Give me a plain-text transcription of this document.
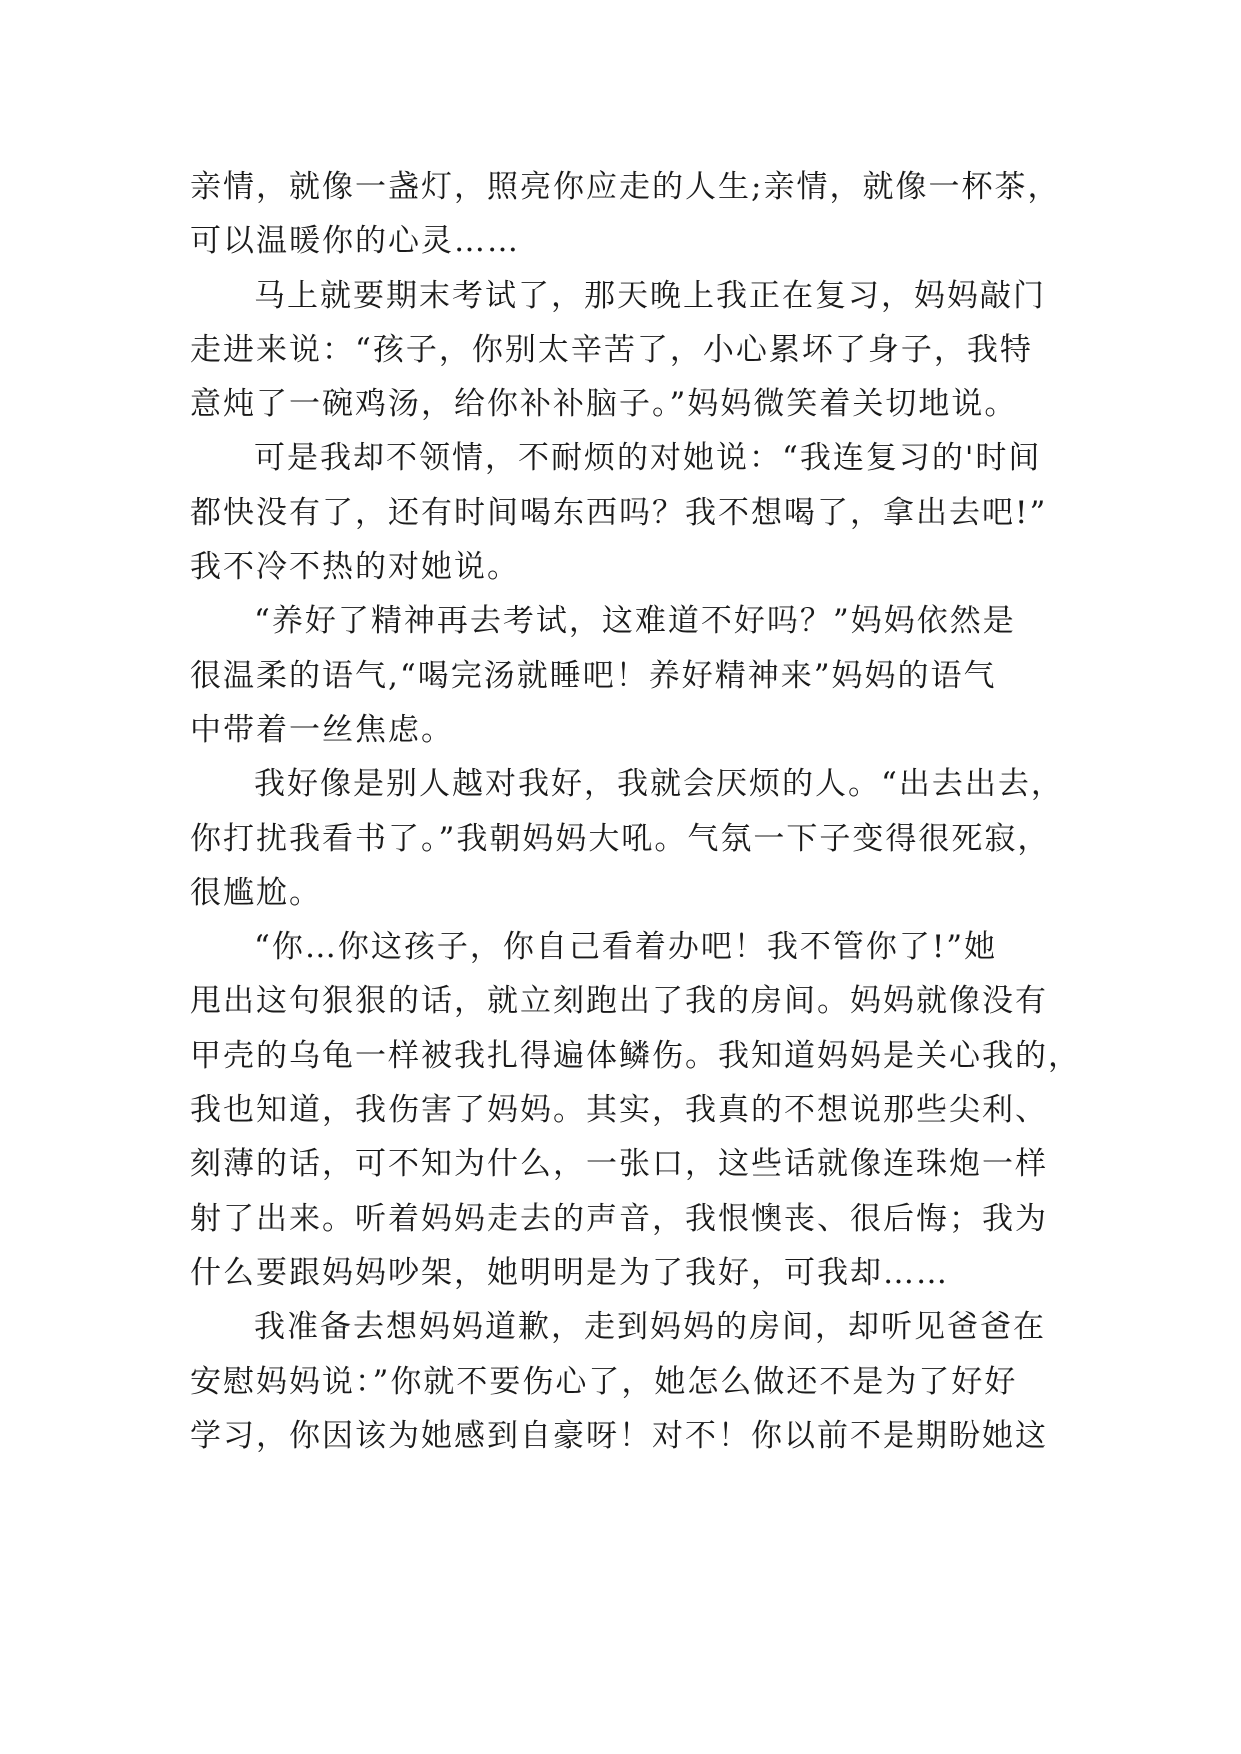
亲情，就像一盏灯，照亮你应走的人生;亲情，就像一杯茶，
可以温暖你的心灵……
马上就要期末考试了，那天晚上我正在复习，妈妈敲门
走进来说：“孩子，你别太辛苦了，小心累坏了身子，我特
意炖了一碗鸡汤，给你补补脑子。”妈妈微笑着关切地说。
可是我却不领情，不耐烦的对她说：“我连复习的'时间
都快没有了，还有时间喝东西吗？我不想喝了，拿出去吧!”
我不冷不热的对她说。
“养好了精神再去考试，这难道不好吗？”妈妈依然是
很温柔的语气,“喝完汤就睡吧！养好精神来”妈妈的语气
中带着一丝焦虑。
我好像是别人越对我好，我就会厌烦的人。“出去出去，
你打扰我看书了。”我朝妈妈大吼。气氛一下子变得很死寂，
很尴尬。
“你…你这孩子，你自己看着办吧！我不管你了!”她
甩出这句狠狠的话，就立刻跑出了我的房间。妈妈就像没有
甲壳的乌龟一样被我扎得遍体鳞伤。我知道妈妈是关心我的，
我也知道，我伤害了妈妈。其实，我真的不想说那些尖利、
刻薄的话，可不知为什么，一张口，这些话就像连珠炮一样
射了出来。听着妈妈走去的声音，我恨懊丧、很后悔；我为
什么要跟妈妈吵架，她明明是为了我好，可我却……
我准备去想妈妈道歉，走到妈妈的房间，却听见爸爸在
安慰妈妈说：”你就不要伤心了，她怎么做还不是为了好好
学习，你因该为她感到自豪呀！对不！你以前不是期盼她这
